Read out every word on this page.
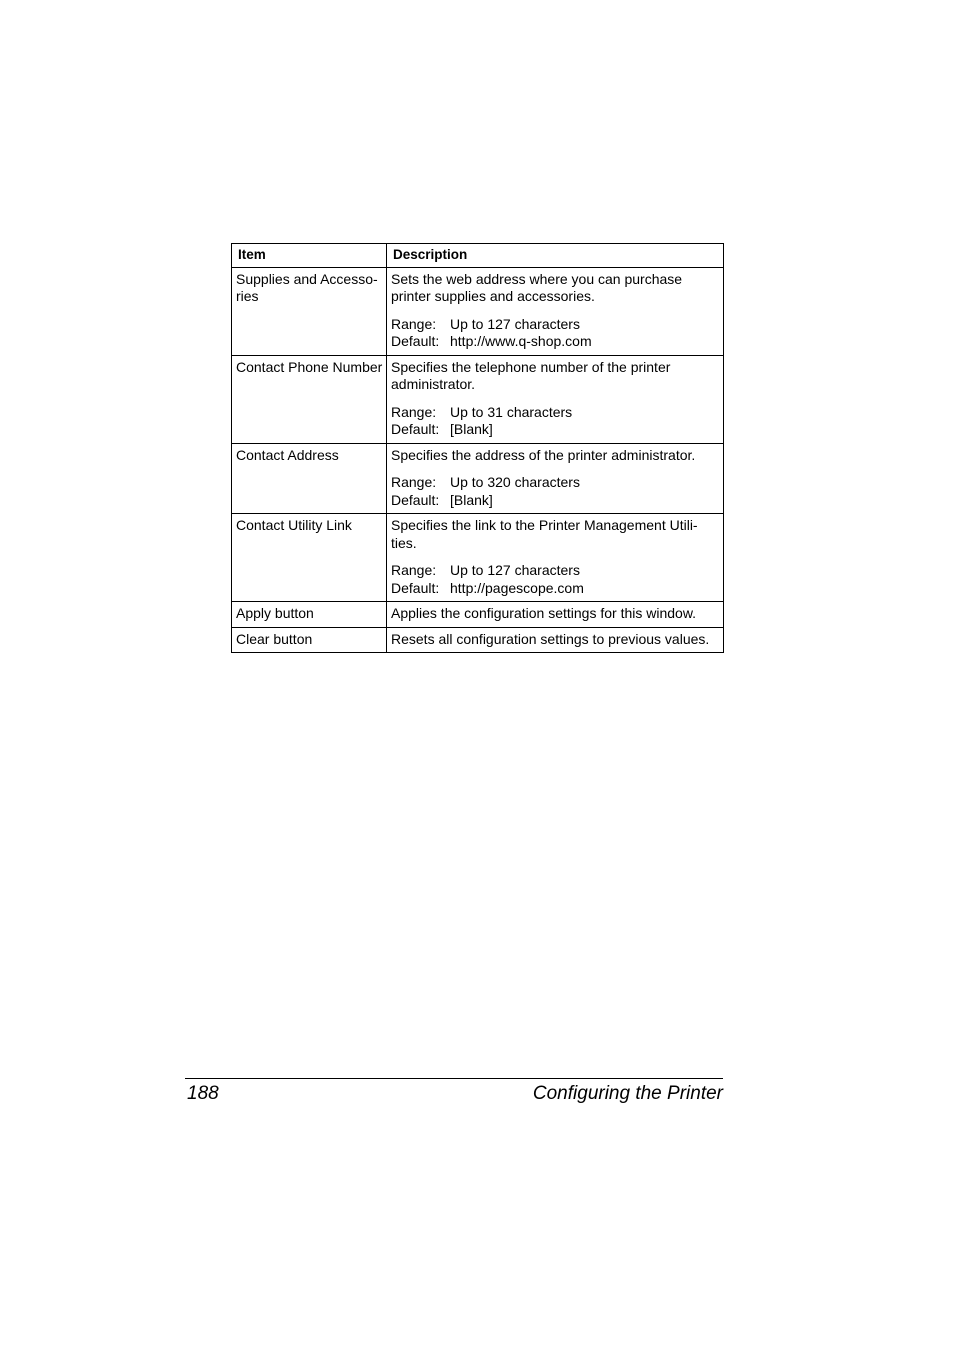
Item	Description
Supplies and Accesso-
ries	Sets the web address where you can purchase printer supplies and accessories.
Range: Up to 127 characters
Default: http://www.q-shop.com

Contact Phone Number	Specifies the telephone number of the printer administrator.
Range: Up to 31 characters
Default: [Blank]

Contact Address	Specifies the address of the printer administrator.
Range: Up to 320 characters
Default: [Blank]

Contact Utility Link	Specifies the link to the Printer Management Utili-
ties.
Range: Up to 127 characters
Default: http://pagescope.com

Apply button	Applies the configuration settings for this window.

Clear button	Resets all configuration settings to previous values.
188	Configuring the Printer
